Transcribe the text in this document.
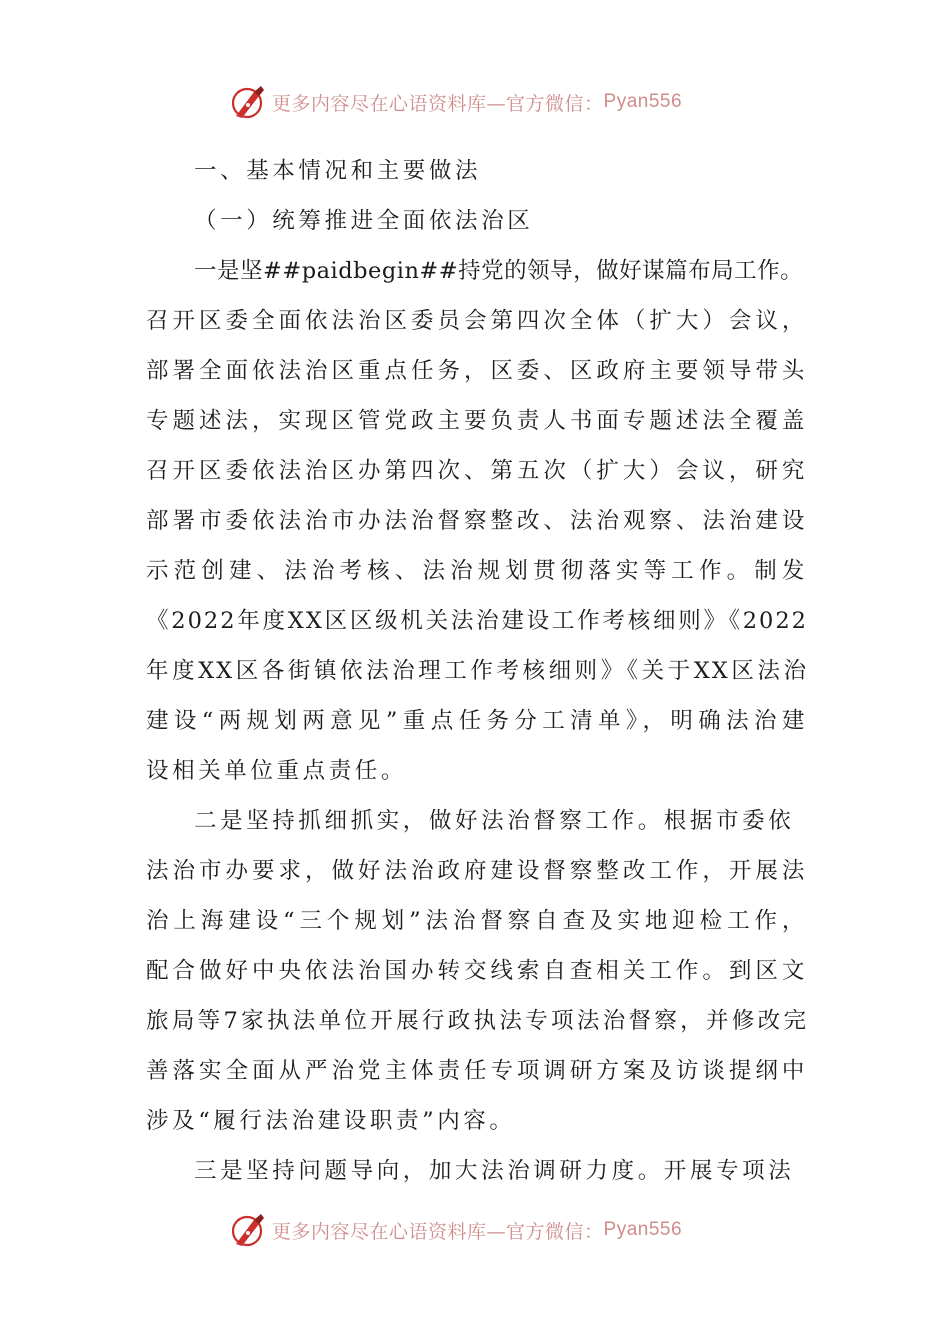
更多内容尽在心语资料库—官方微信： Pyan556
一、基本情况和主要做法
（一）统筹推进全面依法治区
一是坚##paidbegin##持党的领导，做好谋篇布局工作。
召开区委全面依法治区委员会第四次全体（扩大）会议，
部署全面依法治区重点任务，区委、区政府主要领导带头
专题述法，实现区管党政主要负责人书面专题述法全覆盖
召开区委依法治区办第四次、第五次（扩大）会议，研究
部署市委依法治市办法治督察整改、法治观察、法治建设
示范创建、法治考核、法治规划贯彻落实等工作。制发
《2022年度XX区区级机关法治建设工作考核细则》《2022
年度XX区各街镇依法治理工作考核细则》《关于XX区法治
建设“两规划两意见”重点任务分工清单》，明确法治建
设相关单位重点责任。
二是坚持抓细抓实，做好法治督察工作。根据市委依
法治市办要求，做好法治政府建设督察整改工作，开展法
治上海建设“三个规划”法治督察自查及实地迎检工作，
配合做好中央依法治国办转交线索自查相关工作。到区文
旅局等7家执法单位开展行政执法专项法治督察，并修改完
善落实全面从严治党主体责任专项调研方案及访谈提纲中
涉及“履行法治建设职责”内容。
三是坚持问题导向，加大法治调研力度。开展专项法
更多内容尽在心语资料库—官方微信： Pyan556
